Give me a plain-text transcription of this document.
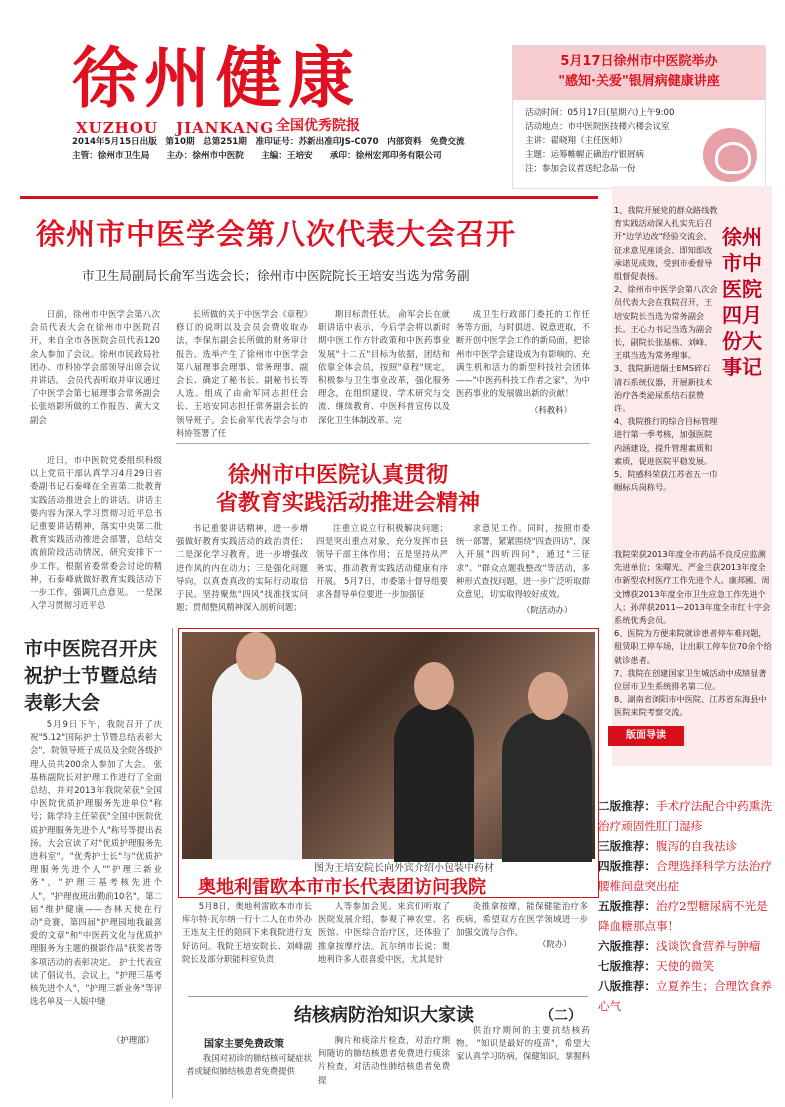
徐州健康
XUZHOU JIANKANG 全国优秀院报
2014年5月15日出版　第10期　总第251期　准印证号：苏新出准印JS-C070　内部资料　免费交流
主管：徐州市卫生局　　主办：徐州市中医院　　主编：王培安　　承印：徐州宏邦印务有限公司
5月17日徐州市中医院举办
"感知·关爱"银屑病健康讲座
活动时间：05月17日(星期六)上午9:00
活动地点：市中医院医技楼六楼会议室
主讲：翟晓翔（主任医师）
主题：运筹帷幄正确治疗银屑病
注：参加会议者送纪念品一份
徐州市中医学会第八次代表大会召开
市卫生局副局长俞军当选会长；徐州市中医院院长王培安当选为常务副

日前，徐州市中医学会第八次会员代表大会在徐州市中医院召开，来自全市各医院会员代表120余人参加了会议。徐州市民政局社团办、市科协学会部领导出席会议并讲话。 会员代表听取并审议通过了中医学会第七届理事会常务副会长张培影所做的工作报告、黄大文副会

长所做的关于中医学会《章程》修订的说明以及会员会费收取办法，李保东副会长所做的财务审计报告。选举产生了徐州市中医学会第八届理事会理事、常务理事、副会长、确定了秘书长、副秘书长等人选。组成了由俞军同志担任会长、王培安同志担任常务副会长的领导班子。会长俞军代表学会与市科协签署了任

期目标责任状。 俞军会长在就职讲话中表示，今后学会将以新时期中医工作方针政策和中医药事业发展"十二五"目标为依据，团结和依靠全体会员，按照"章程"规定，积极参与卫生事业改革，强化服务理念，在组织建设、学术研究与交流、继续教育、中医科普宣传以及深化卫生体制改革、完

成卫生行政部门委托的工作任务等方面，与时俱进、锐意进取，不断开创中医学会工作的新局面，把徐州市中医学会建设成为有影响的、充满生机和活力的新型科技社会团体——"中医药科技工作者之家"，为中医药事业的发展做出新的贡献！

（科教科）
1、我院开展党的群众路线教育实践活动深入扎实先后召开"边学边改"经验交流会、征求意见座谈会、即知即改承诺见成效，受到市委督导组督促表扬。
2、徐州市中医学会第八次会员代表大会在我院召开，王培安院长当选为常务副会长。王心力书记当选为副会长，副院长张基栋、刘峰、王琪当选为常务理事。
3、我院新进瑞士EMS碎石清石系统仪器，开展新技术治疗各类泌尿系结石获赞许。
4、我院推行的综合目标管理进行第一季考核，加强医院内涵建设，提升管理素质和素质，促进医院平稳发展。
5、院感科荣获江苏省五一巾帼标兵岗称号。
我院荣获2013年度全市药品不良反应监测先进单位；朱曙光、严金兰获2013年度全市新型农村医疗工作先进个人。康邦國、周文博获2013年度全市卫生应急工作先进个人；孙萍获2011—2013年度全市红十字会系统优秀会员。
6、医院为方便来院就诊患者停车难问题，租赁职工停车场，让出职工停车位70余个给就诊患者。
7、我院在创建国家卫生城活动中成绩显著位居市卫生系统排名第二位。
8、湖南省浏阳市中医院、江苏省东海县中医院来院考察交流。
徐州市中医院四月份大事记
版面导读
二版推荐：手术疗法配合中药熏洗治疗顽固性肛门湿疹
三版推荐：腹泻的自我祛诊
四版推荐：合理选择科学方法治疗腰椎间盘突出症
五版推荐：治疗2型糖尿病不光是降血糖那点事！
六版推荐：浅谈饮食营养与肿瘤
七版推荐：天使的微笑
八版推荐：立夏养生；合理饮食养心气

近日，市中医院党委组织科级以上党员干部认真学习4月29日省委副书记石泰峰在全省第二批教育实践活动推进会上的讲话。讲话主要内容为深入学习贯彻习近平总书记重要讲话精神，落实中央第二批教育实践活动推进会部署，总结交流前阶段活动情况，研究安排下一步工作。根据省委常委会讨论的精神，石泰峰就做好教育实践活动下一步工作，强调几点意见。 一是深入学习贯彻习近平总

徐州市中医院认真贯彻
省教育实践活动推进会精神

书记重要讲话精神，进一步增强做好教育实践活动的政治责任；二是深化学习教育，进一步增强改进作风的内在动力；三是强化问题导向，以真查真改的实际行动取信于民。坚持聚焦"四风"找准找实问题；贯彻整风精神深入剖析问题；

注重立说立行积极解决问题；四是突出重点对象，充分发挥市县领导干部主体作用；五是坚持从严务实，推动教育实践活动健康有序开展。 5月7日，市委第十督导组要求各督导单位要进一步加强征

求意见工作。同时，按照市委统一部署，紧紧围绕"四查四访"，深入开展"四听四问"，通过"三征求"、"群众点题我整改"等活动，多种形式查找问题，进一步广泛听取群众意见，切实取得较好成效。

（院活动办）
市中医院召开庆祝护士节暨总结表彰大会

5月9日下午，我院召开了庆祝"5.12"国际护士节暨总结表彰大会"，院领导班子成员及全院各级护理人员共200余人参加了大会。 张基栋副院长对护理工作进行了全面总结，并对2013年我院荣获"全国中医院优质护理服务先进单位"称号；陈学玲主任荣获"全国中医院优质护理服务先进个人"称号等提出表扬。大会宣读了对"优质护理服务先进科室"，"优秀护士长"与"优质护理服务先进个人""护理三新业务"，"护理三基考核先进个人"，"护理夜班出勤前10名"，第二届"维护健康——杏林天使在行动"竞赛，第四届"护理园地我最喜爱的文章"和"中医药文化与优质护理服务为主题的摄影作品"获奖者等多项活动的表彰决定。 护士代表宣读了倡议书，会议上，"护理三基考核先进个人"，"护理三新业务"等评选名单及一人版中缝

（护理部）
图为王培安院长向外宾介绍小包装中药材
奥地利雷欧本市市长代表团访问我院

5月8日，奥地利雷欧本市市长库尔特·瓦尔纳一行十二人在市外办王连友主任的陪同下来我院进行友好访问。我院王培安院长、刘峰副院长及部分职能科室负责

人等参加会见。来宾们听取了医院发展介绍，参观了神农堂、名医馆、中医综合治疗区，还体验了推拿按摩疗法。瓦尔纳市长说：奥地利许多人很喜爱中医，尤其是针

灸推拿按摩，能保健能治疗多疾病，希望双方在医学领域进一步加强交流与合作。

（院办）
结核病防治知识大家读	（二）
国家主要免费政策

我国对初诊的肺结核可疑症状者或疑似肺结核患者免费提供

胸片和痰涂片检查，对治疗期间随访的肺结核患者免费进行痰涂片检查，对活动性肺结核患者免费提

供治疗期间的主要抗结核药物。 "知识是最好的疫苗"，希望大家认真学习防病，保健知识，掌握科
